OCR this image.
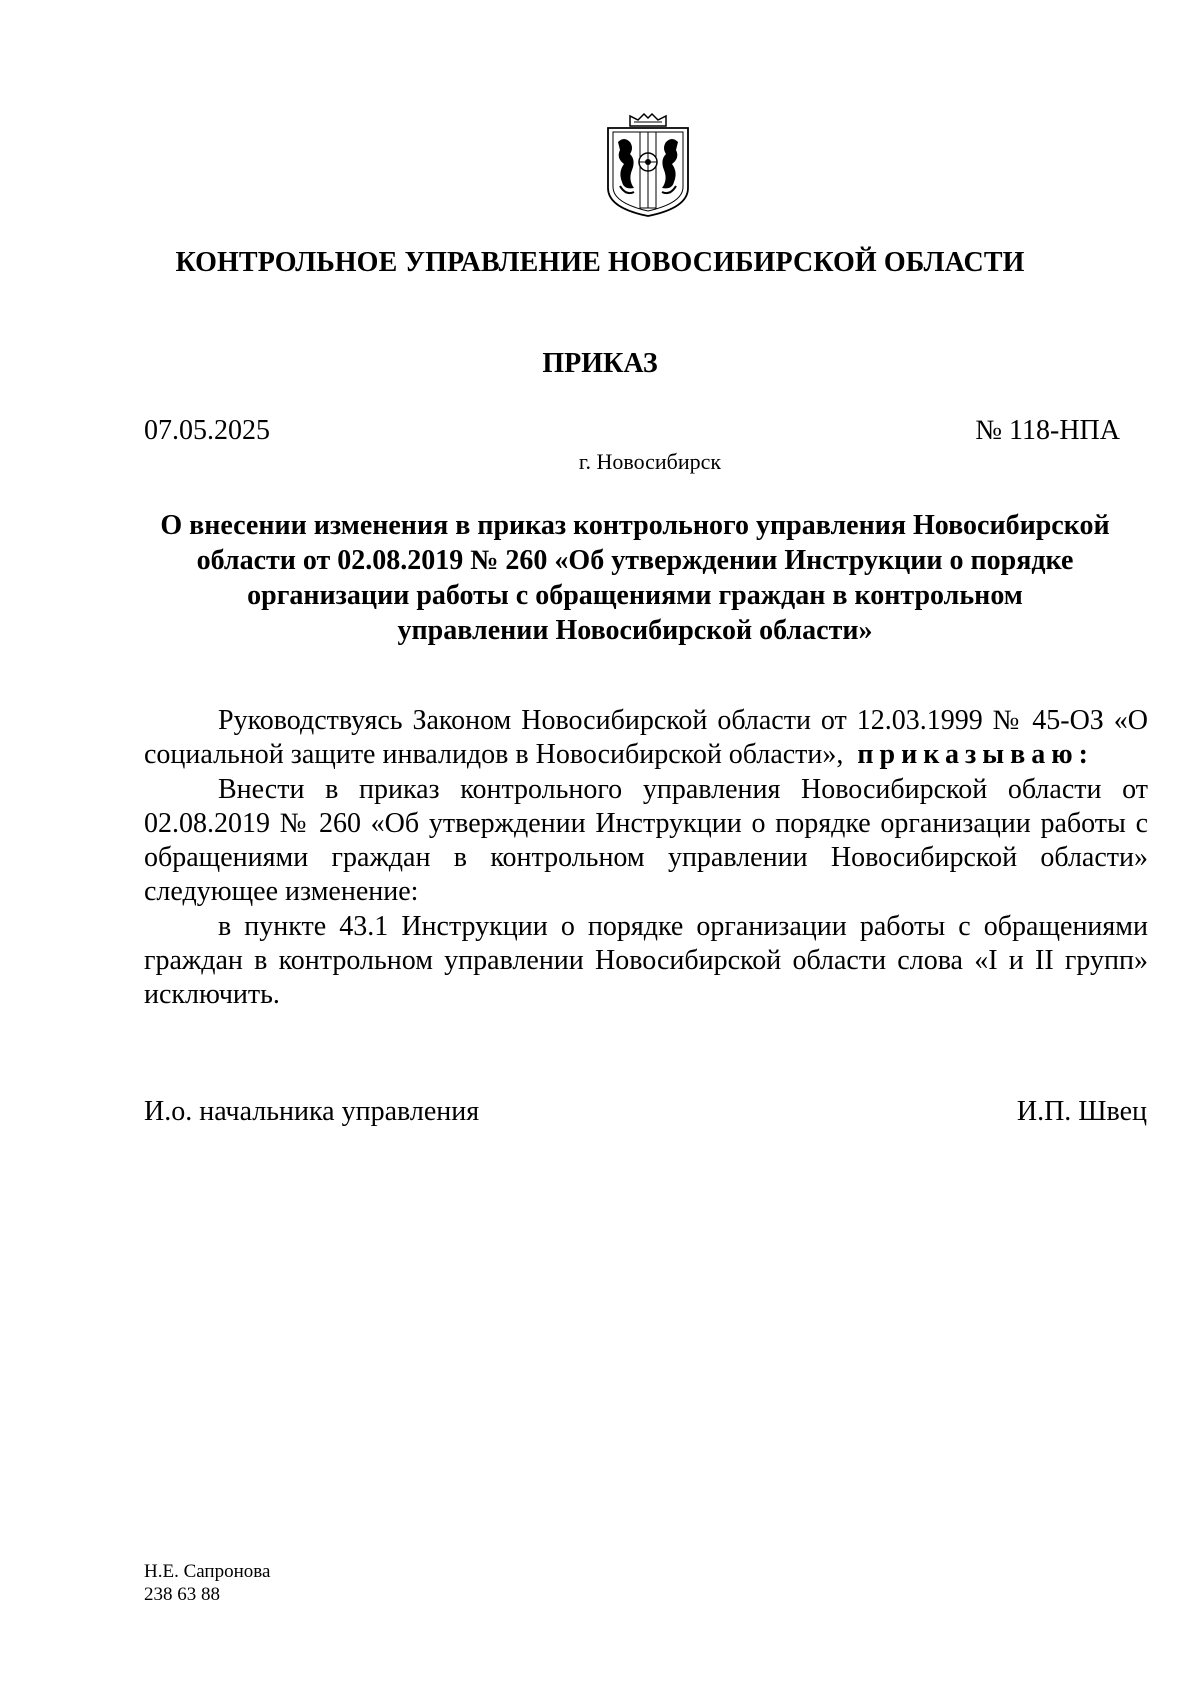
КОНТРОЛЬНОЕ УПРАВЛЕНИЕ НОВОСИБИРСКОЙ ОБЛАСТИ
ПРИКАЗ
07.05.2025	№ 118-НПА
г. Новосибирск
О внесении изменения в приказ контрольного управления Новосибирской
области от 02.08.2019 № 260 «Об утверждении Инструкции о порядке
организации работы с обращениями граждан в контрольном
управлении Новосибирской области»

Руководствуясь Законом Новосибирской области от 12.03.1999 № 45-ОЗ «О социальной защите инвалидов в Новосибирской области», приказываю:

Внести в приказ контрольного управления Новосибирской области от 02.08.2019 № 260 «Об утверждении Инструкции о порядке организации работы с обращениями граждан в контрольном управлении Новосибирской области» следующее изменение:

в пункте 43.1 Инструкции о порядке организации работы с обращениями граждан в контрольном управлении Новосибирской области слова «I и II групп» исключить.

И.о. начальника управления	И.П. Швец
Н.Е. Сапронова
238 63 88
